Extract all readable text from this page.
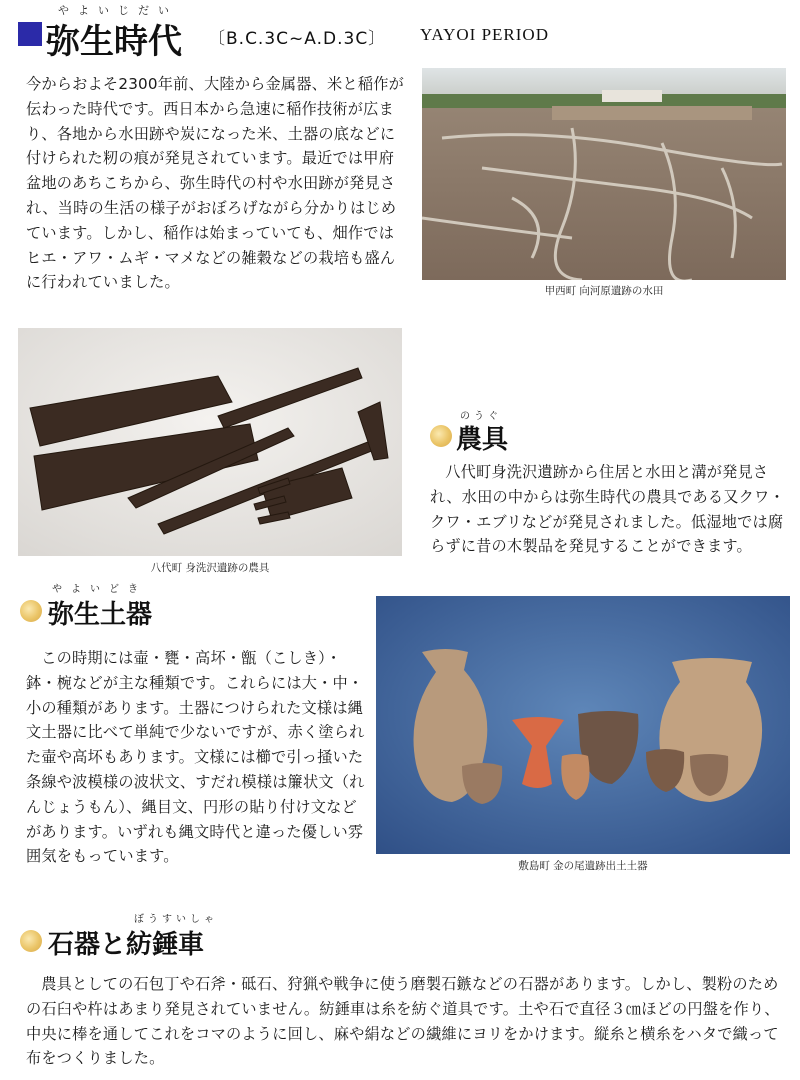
やよいじだい
弥生時代 〔B.C.3C~A.D.3C〕 YAYOI PERIOD

今からおよそ2300年前、大陸から金属器、米と稲作が伝わった時代です。西日本から急速に稲作技術が広まり、各地から水田跡や炭になった米、土器の底などに付けられた籾の痕が発見されています。最近では甲府盆地のあちこちから、弥生時代の村や水田跡が発見され、当時の生活の様子がおぼろげながら分かりはじめています。しかし、稲作は始まっていても、畑作ではヒエ・アワ・ムギ・マメなどの雑穀などの栽培も盛んに行われていました。	甲西町 向河原遺跡の水田
八代町 身洗沢遺跡の農具
のうぐ
農具

八代町身洗沢遺跡から住居と水田と溝が発見され、水田の中からは弥生時代の農具である又クワ・クワ・エブリなどが発見されました。低湿地では腐らずに昔の木製品を発見することができます。

やよいどき
弥生土器

この時期には壷・甕・高坏・甑（こしき）・鉢・椀などが主な種類です。これらには大・中・小の種類があります。土器につけられた文様は縄文土器に比べて単純で少ないですが、赤く塗られた壷や高坏もあります。文様には櫛で引っ掻いた条線や波模様の波状文、すだれ模様は簾状文（れんじょうもん）、縄目文、円形の貼り付け文などがあります。いずれも縄文時代と違った優しい雰囲気をもっています。

敷島町 金の尾遺跡出土土器
ぼうすいしゃ
石器と紡錘車

農具としての石包丁や石斧・砥石、狩猟や戦争に使う磨製石鏃などの石器があります。しかし、製粉のための石臼や杵はあまり発見されていません。紡錘車は糸を紡ぐ道具です。土や石で直径３㎝ほどの円盤を作り、中央に棒を通してこれをコマのように回し、麻や絹などの繊維にヨリをかけます。縦糸と横糸をハタで織って布をつくりました。
